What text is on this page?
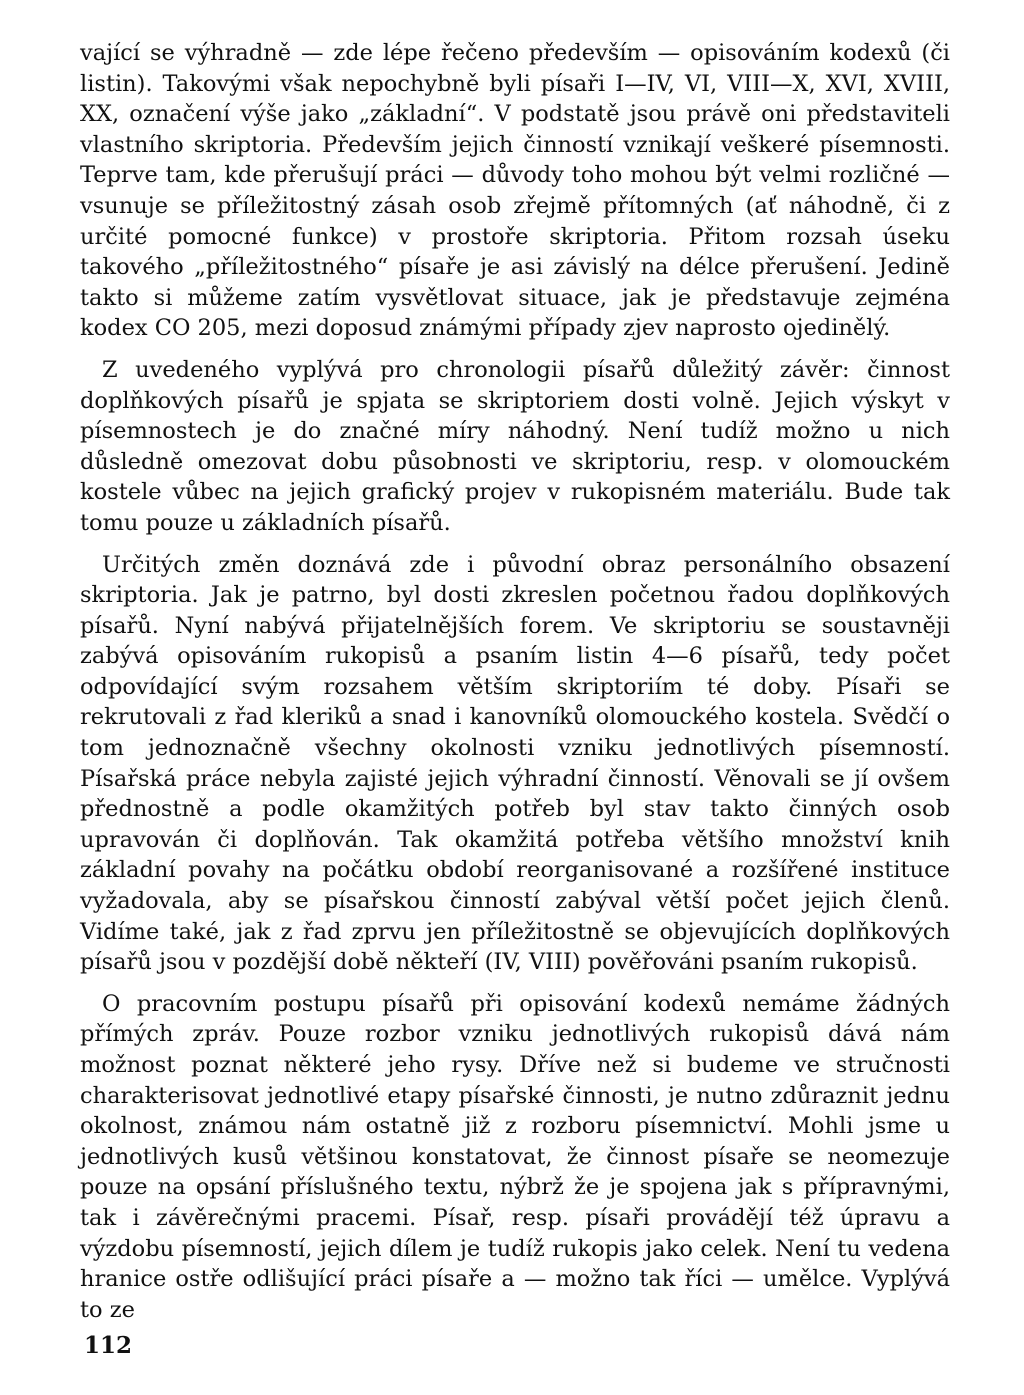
vající se výhradně — zde lépe řečeno především — opisováním kodexů (či listin). Takovými však nepochybně byli písaři I—IV, VI, VIII—X, XVI, XVIII, XX, označení výše jako „základní“. V podstatě jsou právě oni představiteli vlastního skriptoria. Především jejich činností vznikají veškeré písemnosti. Teprve tam, kde přerušují práci — důvody toho mohou být velmi rozličné — vsunuje se příležitostný zásah osob zřejmě přítomných (ať náhodně, či z určité pomocné funkce) v prostoře skriptoria. Přitom rozsah úseku takového „příležitostného“ písaře je asi závislý na délce přerušení. Jedině takto si můžeme zatím vysvětlovat situace, jak je představuje zejména kodex CO 205, mezi doposud známými případy zjev naprosto ojedinělý.

Z uvedeného vyplývá pro chronologii písařů důležitý závěr: činnost doplňkových písařů je spjata se skriptoriem dosti volně. Jejich výskyt v písemnostech je do značné míry náhodný. Není tudíž možno u nich důsledně omezovat dobu působnosti ve skriptoriu, resp. v olomouckém kostele vůbec na jejich grafický projev v rukopisném materiálu. Bude tak tomu pouze u základních písařů.

Určitých změn doznává zde i původní obraz personálního obsazení skriptoria. Jak je patrno, byl dosti zkreslen početnou řadou doplňkových písařů. Nyní nabývá přijatelnějších forem. Ve skriptoriu se soustavněji zabývá opisováním rukopisů a psaním listin 4—6 písařů, tedy počet odpovídající svým rozsahem větším skriptoriím té doby. Písaři se rekrutovali z řad kleriků a snad i kanovníků olomouckého kostela. Svědčí o tom jednoznačně všechny okolnosti vzniku jednotlivých písemností. Písařská práce nebyla zajisté jejich výhradní činností. Věnovali se jí ovšem přednostně a podle okamžitých potřeb byl stav takto činných osob upravován či doplňován. Tak okamžitá potřeba většího množství knih základní povahy na počátku období reorganisované a rozšířené instituce vyžadovala, aby se písařskou činností zabýval větší počet jejich členů. Vidíme také, jak z řad zprvu jen příležitostně se objevujících doplňkových písařů jsou v pozdější době někteří (IV, VIII) pověřováni psaním rukopisů.

O pracovním postupu písařů při opisování kodexů nemáme žádných přímých zpráv. Pouze rozbor vzniku jednotlivých rukopisů dává nám možnost poznat některé jeho rysy. Dříve než si budeme ve stručnosti charakterisovat jednotlivé etapy písařské činnosti, je nutno zdůraznit jednu okolnost, známou nám ostatně již z rozboru písemnictví. Mohli jsme u jednotlivých kusů většinou konstatovat, že činnost písaře se neomezuje pouze na opsání příslušného textu, nýbrž že je spojena jak s přípravnými, tak i závěrečnými pracemi. Písař, resp. písaři provádějí též úpravu a výzdobu písemností, jejich dílem je tudíž rukopis jako celek. Není tu vedena hranice ostře odlišující práci písaře a — možno tak říci — umělce. Vyplývá to ze

112
